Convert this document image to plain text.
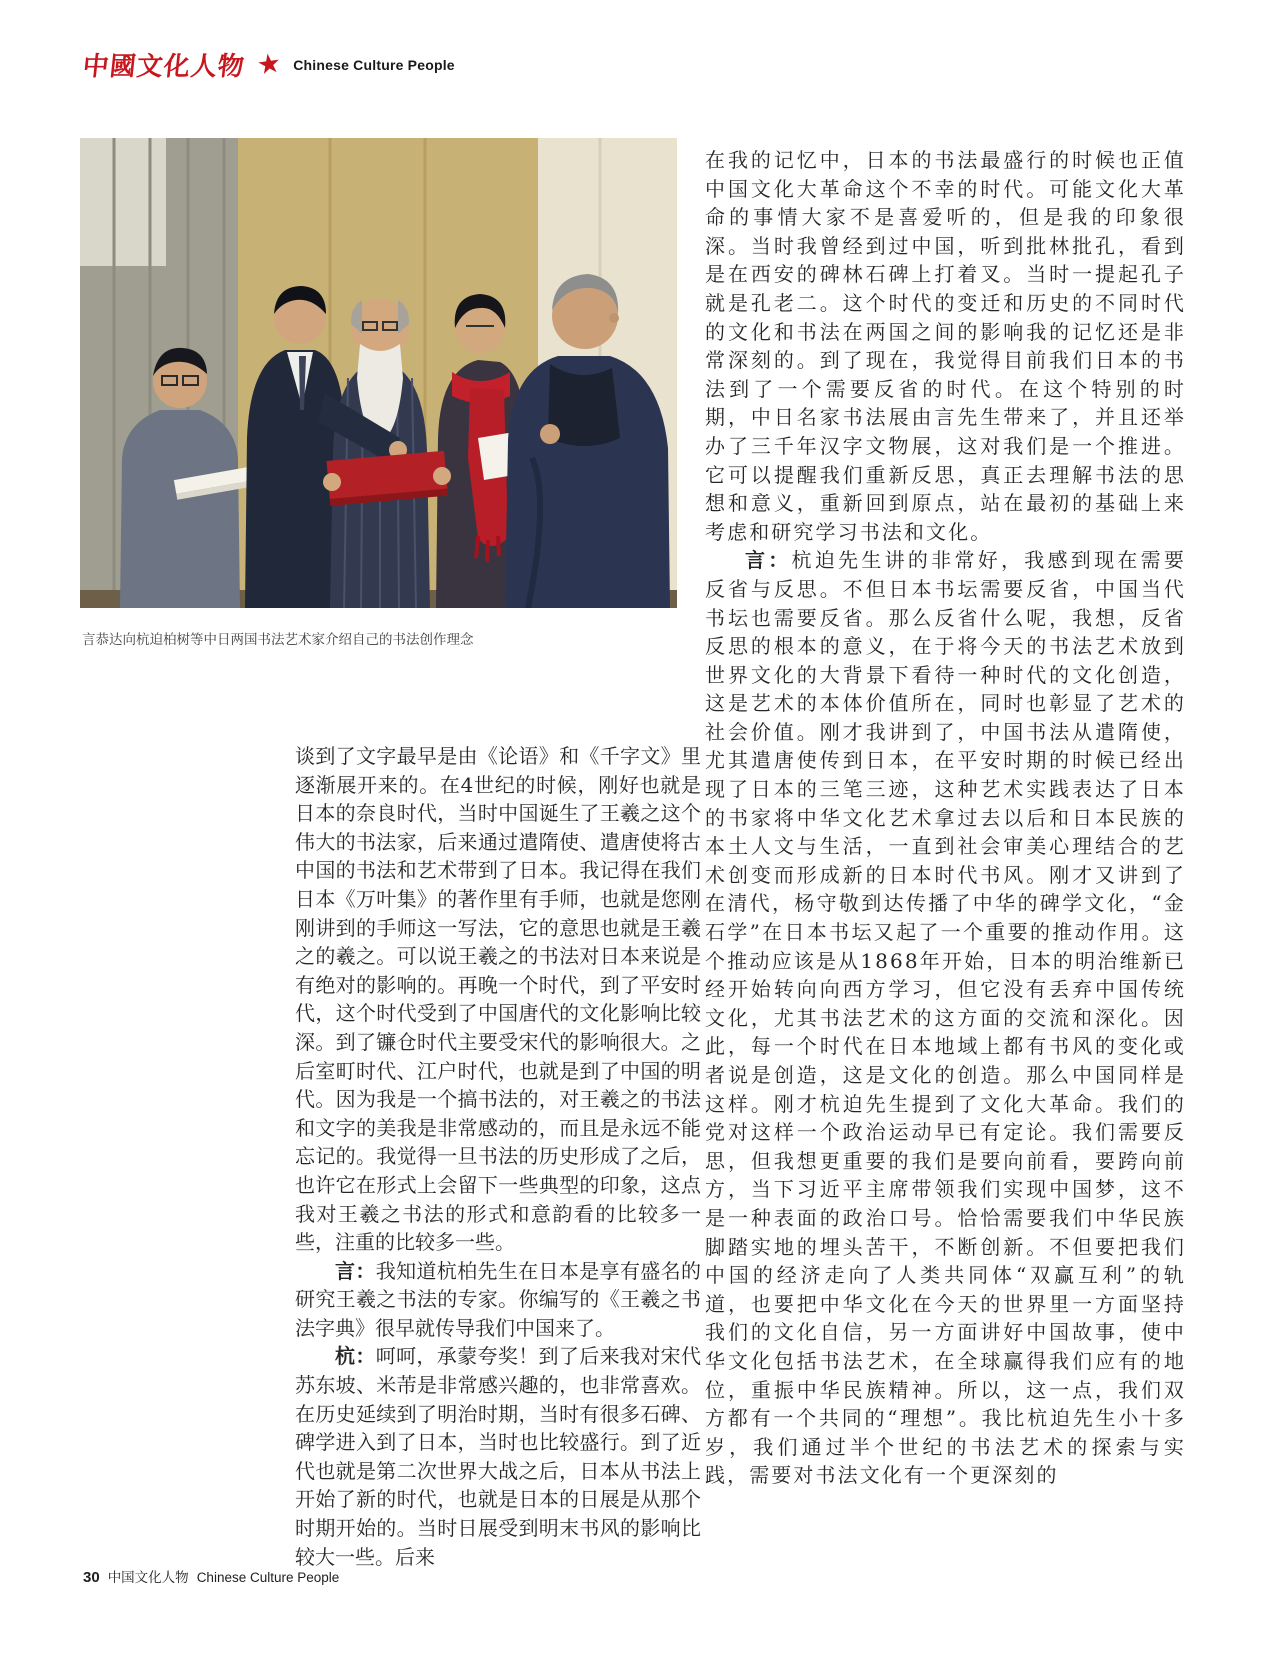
中國文化人物 ★ Chinese Culture People
言恭达向杭迫柏树等中日两国书法艺术家介绍自己的书法创作理念

谈到了文字最早是由《论语》和《千字文》里逐渐展开来的。在4世纪的时候，刚好也就是日本的奈良时代，当时中国诞生了王羲之这个伟大的书法家，后来通过遣隋使、遣唐使将古中国的书法和艺术带到了日本。我记得在我们日本《万叶集》的著作里有手师，也就是您刚刚讲到的手师这一写法，它的意思也就是王羲之的羲之。可以说王羲之的书法对日本来说是有绝对的影响的。再晚一个时代，到了平安时代，这个时代受到了中国唐代的文化影响比较深。到了镰仓时代主要受宋代的影响很大。之后室町时代、江户时代，也就是到了中国的明代。因为我是一个搞书法的，对王羲之的书法和文字的美我是非常感动的，而且是永远不能忘记的。我觉得一旦书法的历史形成了之后，也许它在形式上会留下一些典型的印象，这点我对王羲之书法的形式和意韵看的比较多一些，注重的比较多一些。

言：我知道杭柏先生在日本是享有盛名的研究王羲之书法的专家。你编写的《王羲之书法字典》很早就传导我们中国来了。

杭：呵呵，承蒙夸奖！到了后来我对宋代苏东坡、米芾是非常感兴趣的，也非常喜欢。在历史延续到了明治时期，当时有很多石碑、碑学进入到了日本，当时也比较盛行。到了近代也就是第二次世界大战之后，日本从书法上开始了新的时代，也就是日本的日展是从那个时期开始的。当时日展受到明末书风的影响比较大一些。后来

在我的记忆中，日本的书法最盛行的时候也正值中国文化大革命这个不幸的时代。可能文化大革命的事情大家不是喜爱听的，但是我的印象很深。当时我曾经到过中国，听到批林批孔，看到是在西安的碑林石碑上打着叉。当时一提起孔子就是孔老二。这个时代的变迁和历史的不同时代的文化和书法在两国之间的影响我的记忆还是非常深刻的。到了现在，我觉得目前我们日本的书法到了一个需要反省的时代。在这个特别的时期，中日名家书法展由言先生带来了，并且还举办了三千年汉字文物展，这对我们是一个推进。它可以提醒我们重新反思，真正去理解书法的思想和意义，重新回到原点，站在最初的基础上来考虑和研究学习书法和文化。

言：杭迫先生讲的非常好，我感到现在需要反省与反思。不但日本书坛需要反省，中国当代书坛也需要反省。那么反省什么呢，我想，反省反思的根本的意义，在于将今天的书法艺术放到世界文化的大背景下看待一种时代的文化创造，这是艺术的本体价值所在，同时也彰显了艺术的社会价值。刚才我讲到了，中国书法从遣隋使，尤其遣唐使传到日本，在平安时期的时候已经出现了日本的三笔三迹，这种艺术实践表达了日本的书家将中华文化艺术拿过去以后和日本民族的本土人文与生活，一直到社会审美心理结合的艺术创变而形成新的日本时代书风。刚才又讲到了在清代，杨守敬到达传播了中华的碑学文化，“金石学”在日本书坛又起了一个重要的推动作用。这个推动应该是从1868年开始，日本的明治维新已经开始转向向西方学习，但它没有丢弃中国传统文化，尤其书法艺术的这方面的交流和深化。因此，每一个时代在日本地域上都有书风的变化或者说是创造，这是文化的创造。那么中国同样是这样。刚才杭迫先生提到了文化大革命。我们的党对这样一个政治运动早已有定论。我们需要反思，但我想更重要的我们是要向前看，要跨向前方，当下习近平主席带领我们实现中国梦，这不是一种表面的政治口号。恰恰需要我们中华民族脚踏实地的埋头苦干，不断创新。不但要把我们中国的经济走向了人类共同体“双赢互利”的轨道，也要把中华文化在今天的世界里一方面坚持我们的文化自信，另一方面讲好中国故事，使中华文化包括书法艺术，在全球赢得我们应有的地位，重振中华民族精神。所以，这一点，我们双方都有一个共同的“理想”。我比杭迫先生小十多岁，我们通过半个世纪的书法艺术的探索与实践，需要对书法文化有一个更深刻的

30 中国文化人物 Chinese Culture People
